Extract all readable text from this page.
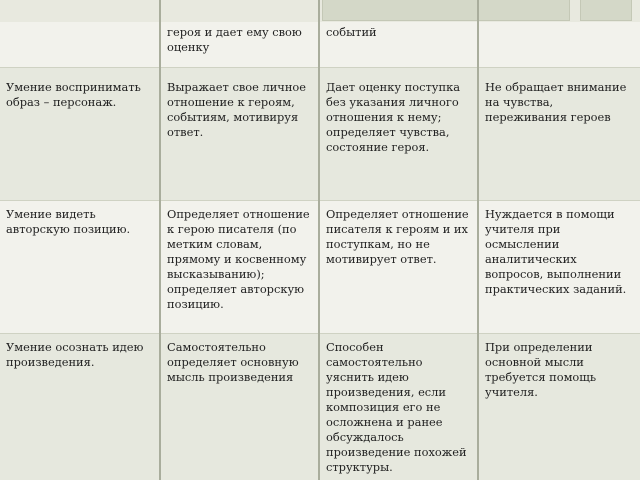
героя и дает ему свою оценку

событий

Умение воспринимать образ – персонаж.

Выражает свое личное отношение к героям, событиям, мотивируя ответ.

Дает оценку поступка без указания личного отношения к нему; определяет чувства, состояние героя.

Не обращает внимание на чувства, переживания героев

Умение видеть авторскую позицию.

Определяет отношение к герою писателя (по метким словам, прямому и косвенному высказыванию); определяет авторскую позицию.

Определяет отношение писателя к героям и их поступкам, но не мотивирует ответ.

Нуждается в помощи учителя при осмыслении аналитических вопросов, выполнении практических заданий.

Умение осознать идею произведения.

Самостоятельно определяет основную мысль произведения

Способен самостоятельно уяснить идею произведения, если композиция его не осложнена и ранее обсуждалось произведение похожей структуры.

При определении основной мысли требуется помощь учителя.
